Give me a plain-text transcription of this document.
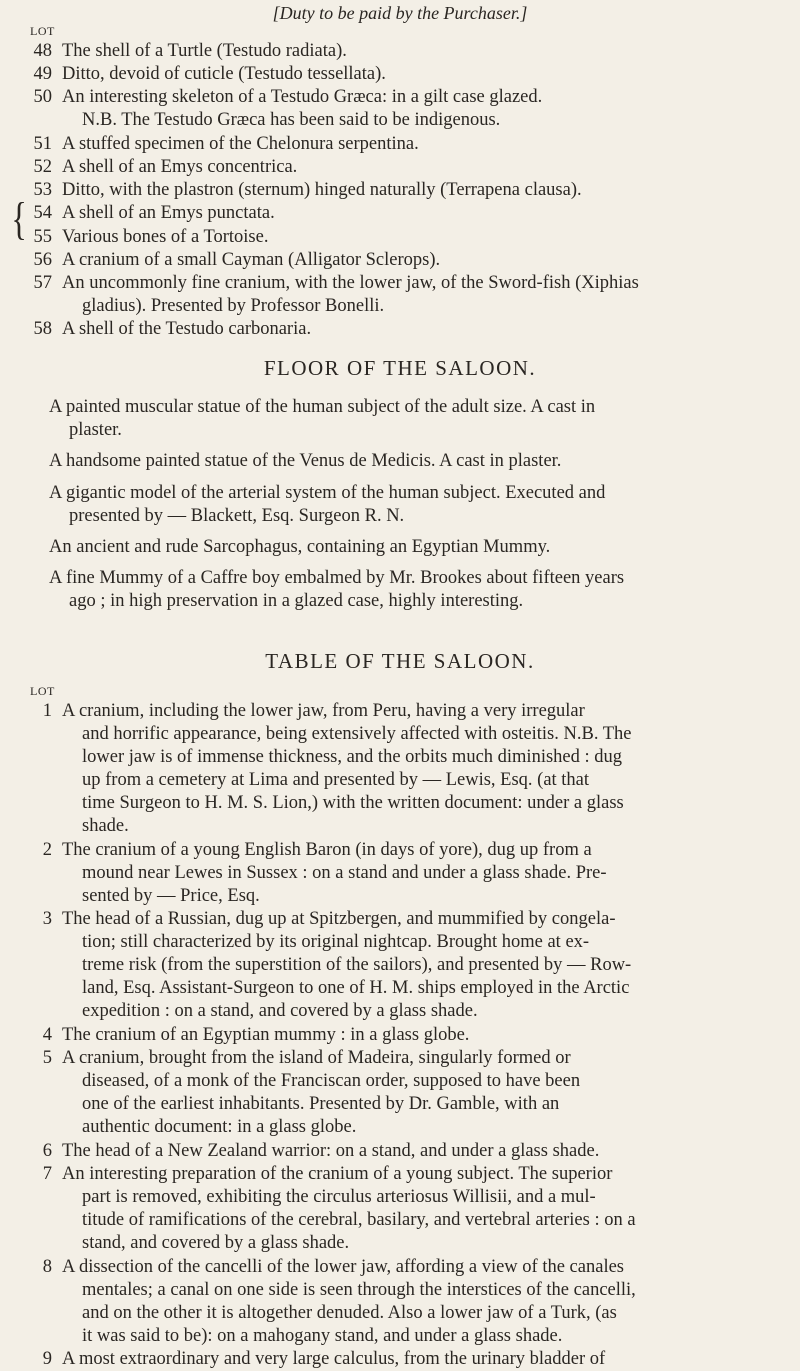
[Duty to be paid by the Purchaser.]
LOT
48 The shell of a Turtle (Testudo radiata).
49 Ditto, devoid of cuticle (Testudo tessellata).
50 An interesting skeleton of a Testudo Græca: in a gilt case glazed.
N.B. The Testudo Græca has been said to be indigenous.
51 A stuffed specimen of the Chelonura serpentina.
52 A shell of an Emys concentrica.
53 Ditto, with the plastron (sternum) hinged naturally (Terrapena clausa).
54 A shell of an Emys punctata.
55 Various bones of a Tortoise.
56 A cranium of a small Cayman (Alligator Sclerops).
57 An uncommonly fine cranium, with the lower jaw, of the Sword-fish (Xiphias
gladius). Presented by Professor Bonelli.
58 A shell of the Testudo carbonaria.
{
FLOOR OF THE SALOON.
A painted muscular statue of the human subject of the adult size. A cast in
plaster.
A handsome painted statue of the Venus de Medicis. A cast in plaster.
A gigantic model of the arterial system of the human subject. Executed and
presented by — Blackett, Esq. Surgeon R. N.
An ancient and rude Sarcophagus, containing an Egyptian Mummy.
A fine Mummy of a Caffre boy embalmed by Mr. Brookes about fifteen years
ago ; in high preservation in a glazed case, highly interesting.
TABLE OF THE SALOON.
LOT
1 A cranium, including the lower jaw, from Peru, having a very irregular
and horrific appearance, being extensively affected with osteitis. N.B. The
lower jaw is of immense thickness, and the orbits much diminished : dug
up from a cemetery at Lima and presented by — Lewis, Esq. (at that
time Surgeon to H. M. S. Lion,) with the written document: under a glass
shade.
2 The cranium of a young English Baron (in days of yore), dug up from a
mound near Lewes in Sussex : on a stand and under a glass shade. Pre-
sented by — Price, Esq.
3 The head of a Russian, dug up at Spitzbergen, and mummified by congela-
tion; still characterized by its original nightcap. Brought home at ex-
treme risk (from the superstition of the sailors), and presented by — Row-
land, Esq. Assistant-Surgeon to one of H. M. ships employed in the Arctic
expedition : on a stand, and covered by a glass shade.
4 The cranium of an Egyptian mummy : in a glass globe.
5 A cranium, brought from the island of Madeira, singularly formed or
diseased, of a monk of the Franciscan order, supposed to have been
one of the earliest inhabitants. Presented by Dr. Gamble, with an
authentic document: in a glass globe.
6 The head of a New Zealand warrior: on a stand, and under a glass shade.
7 An interesting preparation of the cranium of a young subject. The superior
part is removed, exhibiting the circulus arteriosus Willisii, and a mul-
titude of ramifications of the cerebral, basilary, and vertebral arteries : on a
stand, and covered by a glass shade.
8 A dissection of the cancelli of the lower jaw, affording a view of the canales
mentales; a canal on one side is seen through the interstices of the cancelli,
and on the other it is altogether denuded. Also a lower jaw of a Turk, (as
it was said to be): on a mahogany stand, and under a glass shade.
9 A most extraordinary and very large calculus, from the urinary bladder of
